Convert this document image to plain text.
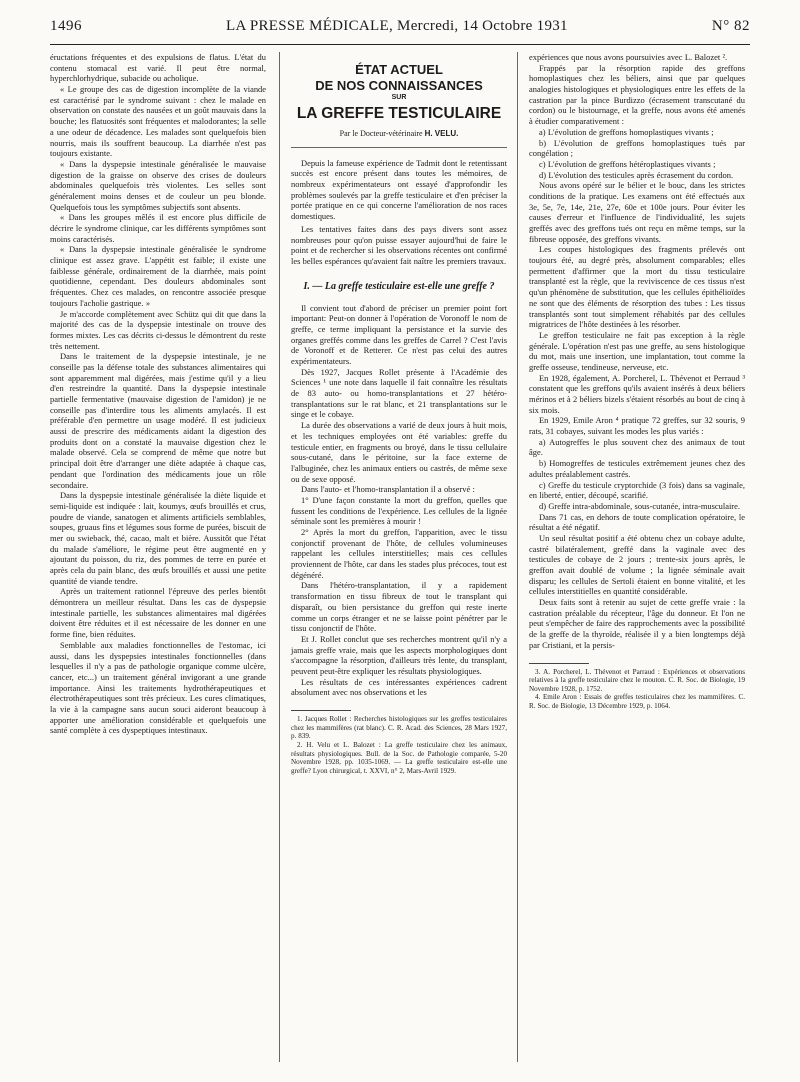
1496	LA PRESSE MÉDICALE, Mercredi, 14 Octobre 1931	N° 82

éructations fréquentes et des expulsions de flatus. L'état du contenu stomacal est varié. Il peut être normal, hyperchlorhydrique, subacide ou acholique.

« Le groupe des cas de digestion incomplète de la viande est caractérisé par le syndrome suivant : chez le malade en observation on constate des nausées et un goût mauvais dans la bouche; les flatuosités sont fréquentes et malodorantes; la selle a une odeur de décadence. Les malades sont quelquefois bien nourris, mais ils souffrent beaucoup. La diarrhée n'est pas toujours existante.

« Dans la dyspepsie intestinale généralisée le mauvaise digestion de la graisse on observe des crises de douleurs abdominales quelquefois très violentes. Les selles sont généralement moins denses et de couleur un peu blonde. Quelquefois tous les symptômes subjectifs sont absents.

« Dans les groupes mêlés il est encore plus difficile de décrire le syndrome clinique, car les différents symptômes sont moins caractérisés.

« Dans la dyspepsie intestinale généralisée le syndrome clinique est assez grave. L'appétit est faible; il existe une faiblesse générale, ordinairement de la diarrhée, mais point quotidienne, cependant. Des douleurs abdominales sont fréquentes. Chez ces malades, on rencontre associée presque toujours l'acholie gastrique. »

Je m'accorde complètement avec Schütz qui dit que dans la majorité des cas de la dyspepsie intestinale on trouve des formes mixtes. Les cas décrits ci-dessus le démontrent du reste très nettement.

Dans le traitement de la dyspepsie intestinale, je ne conseille pas la défense totale des substances alimentaires qui sont apparemment mal digérées, mais j'estime qu'il y a lieu d'en restreindre la quantité. Dans la dyspepsie intestinale partielle fermentative (mauvaise digestion de l'amidon) je ne conseille pas d'interdire tous les aliments amylacés. Il est préférable d'en permettre un usage modéré. Il est judicieux aussi de prescrire des médicaments aidant la digestion des produits dont on a constaté la mauvaise digestion chez le malade observé. Cela se comprend de même que notre but principal doit être d'arranger une diète adaptée à chaque cas, pendant que l'ordination des médicaments joue un rôle secondaire.

Dans la dyspepsie intestinale généralisée la diète liquide et semi-liquide est indiquée : lait, koumys, œufs brouillés et crus, poudre de viande, sanatogen et aliments artificiels semblables, soupes, gruaus fins et légumes sous forme de purées, biscuit de mer ou swieback, thé, cacao, malt et bière. Aussitôt que l'état du malade s'améliore, le régime peut être augmenté en y ajoutant du poisson, du riz, des pommes de terre en purée et après cela du pain blanc, des œufs brouillés et aussi une petite quantité de viande tendre.

Après un traitement rationnel l'épreuve des perles bientôt démontrera un meilleur résultat. Dans les cas de dyspepsie intestinale partielle, les substances alimentaires mal digérées doivent être réduites et il est nécessaire de les donner en une forme fine, bien réduites.

Semblable aux maladies fonctionnelles de l'estomac, ici aussi, dans les dyspepsies intestinales fonctionnelles (dans lesquelles il n'y a pas de pathologie organique comme ulcère, cancer, etc...) un traitement général invigorant a une grande importance. Ainsi les traitements hydrothérapeutiques et électrothérapeutiques sont très précieux. Les cures climatiques, la vie à la campagne sans aucun souci aideront beaucoup à apporter une amélioration considérable et quelquefois une santé complète à ces dyspeptiques intestinaux.

ÉTAT ACTUEL
DE NOS CONNAISSANCES
SUR
LA GREFFE TESTICULAIRE
Par le Docteur-vétérinaire H. VELU.

Depuis la fameuse expérience de Tadmit dont le retentissant succès est encore présent dans toutes les mémoires, de nombreux expérimentateurs ont essayé d'approfondir les problèmes soulevés par la greffe testiculaire et d'en préciser la portée pratique en ce qui concerne l'amélioration de nos races domestiques.

Les tentatives faites dans des pays divers sont assez nombreuses pour qu'on puisse essayer aujourd'hui de faire le point et de rechercher si les observations récentes ont confirmé les belles espérances qu'avaient fait naître les premiers travaux.

I. — La greffe testiculaire est-elle une greffe ?

Il convient tout d'abord de préciser un premier point fort important: Peut-on donner à l'opération de Voronoff le nom de greffe, ce terme impliquant la persistance et la survie des organes greffés comme dans les greffes de Carrel ? C'est l'avis de Voronoff et de Retterer. Ce n'est pas celui des autres expérimentateurs.

Dès 1927, Jacques Rollet présente à l'Académie des Sciences ¹ une note dans laquelle il fait connaître les résultats de 83 auto- ou homo-transplantations et 27 hétéro-transplantations sur le rat blanc, et 21 transplantations sur le singe et le cobaye.

La durée des observations a varié de deux jours à huit mois, et les techniques employées ont été variables: greffe du testicule entier, en fragments ou broyé, dans le tissu cellulaire sous-cutané, dans le péritoine, sur la face externe de l'albuginée, chez les animaux entiers ou castrés, de même sexe ou de sexe opposé.

Dans l'auto- et l'homo-transplantation il a observé :

1° D'une façon constante la mort du greffon, quelles que fussent les conditions de l'expérience. Les cellules de la lignée séminale sont les premières à mourir !

2° Après la mort du greffon, l'apparition, avec le tissu conjonctif provenant de l'hôte, de cellules volumineuses rappelant les cellules interstitielles; mais ces cellules proviennent de l'hôte, car dans les stades plus précoces, tout est dégénéré.

Dans l'hétéro-transplantation, il y a rapidement transformation en tissu fibreux de tout le transplant qui disparaît, ou bien persistance du greffon qui reste inerte comme un corps étranger et ne se laisse point pénétrer par le tissu conjonctif de l'hôte.

Et J. Rollet conclut que ses recherches montrent qu'il n'y a jamais greffe vraie, mais que les aspects morphologiques dont s'accompagne la résorption, d'ailleurs très lente, du transplant, peuvent peut-être expliquer les résultats physiologiques.

Les résultats de ces intéressantes expériences cadrent absolument avec nos observations et les

1. Jacques Rollet : Recherches histologiques sur les greffes testiculaires chez les mammifères (rat blanc). C. R. Acad. des Sciences, 28 Mars 1927, p. 839.

2. H. Velu et L. Balozet : La greffe testiculaire chez les animaux, résultats physiologiques. Bull. de la Soc. de Pathologie comparée, 5-20 Novembre 1928, pp. 1035-1069. — La greffe testiculaire est-elle une greffe? Lyon chirurgical, t. XXVI, n° 2, Mars-Avril 1929.

expériences que nous avons poursuivies avec L. Balozet ².

Frappés par la résorption rapide des greffons homoplastiques chez les béliers, ainsi que par quelques analogies histologiques et physiologiques entre les effets de la castration par la pince Burdizzo (écrasement transcutané du cordon) ou le bistournage, et la greffe, nous avons été amenés à étudier comparativement :

a) L'évolution de greffons homoplastiques vivants ;

b) L'évolution de greffons homoplastiques tués par congélation ;

c) L'évolution de greffons hétéroplastiques vivants ;

d) L'évolution des testicules après écrasement du cordon.

Nous avons opéré sur le bélier et le bouc, dans les strictes conditions de la pratique. Les examens ont été effectués aux 3e, 5e, 7e, 14e, 21e, 27e, 60e et 100e jours. Pour éviter les causes d'erreur et l'influence de l'individualité, les sujets greffés avec des greffons tués ont reçu en même temps, sur la fibreuse opposée, des greffons vivants.

Les coupes histologiques des fragments prélevés ont toujours été, au degré près, absolument comparables; elles permettent d'affirmer que la mort du tissu testiculaire transplanté est la règle, que la reviviscence de ces tissus n'est qu'un phénomène de substitution, que les cellules épithélioïdes ne sont que des éléments de résorption des tubes : Les tissus transplantés sont tout simplement réhabités par des cellules migratrices de l'hôte destinées à les résorber.

Le greffon testiculaire ne fait pas exception à la règle générale. L'opération n'est pas une greffe, au sens histologique du mot, mais une insertion, une implantation, tout comme la greffe osseuse, tendineuse, nerveuse, etc.

En 1928, également, A. Porcherel, L. Thévenot et Perraud ³ constatent que les greffons qu'ils avaient insérés à deux béliers mérinos et à 2 béliers bizels s'étaient résorbés au bout de cinq à six mois.

En 1929, Emile Aron ⁴ pratique 72 greffes, sur 32 souris, 9 rats, 31 cobayes, suivant les modes les plus variés :

a) Autogreffes le plus souvent chez des animaux de tout âge.

b) Homogreffes de testicules extrêmement jeunes chez des adultes préalablement castrés.

c) Greffe du testicule cryptorchide (3 fois) dans sa vaginale, en liberté, entier, découpé, scarifié.

d) Greffe intra-abdominale, sous-cutanée, intra-musculaire.

Dans 71 cas, en dehors de toute complication opératoire, le résultat a été négatif.

Un seul résultat positif a été obtenu chez un cobaye adulte, castré bilatéralement, greffé dans la vaginale avec des testicules de cobaye de 2 jours ; trente-six jours après, le greffon avait doublé de volume ; la lignée séminale avait disparu; les cellules de Sertoli étaient en bonne vitalité, et les cellules interstitielles en quantité considérable.

Deux faits sont à retenir au sujet de cette greffe vraie : la castration préalable du récepteur, l'âge du donneur. Et l'on ne peut s'empêcher de faire des rapprochements avec la possibilité de la greffe de la thyroïde, réalisée il y a bien longtemps déjà par Cristiani, et la persis-

3. A. Porcherel, L. Thévenot et Parraud : Expériences et observations relatives à la greffe testiculaire chez le mouton. C. R. Soc. de Biologie, 19 Novembre 1928, p. 1752.

4. Emile Aron : Essais de greffes testiculaires chez les mammifères. C. R. Soc. de Biologie, 13 Décembre 1929, p. 1064.
